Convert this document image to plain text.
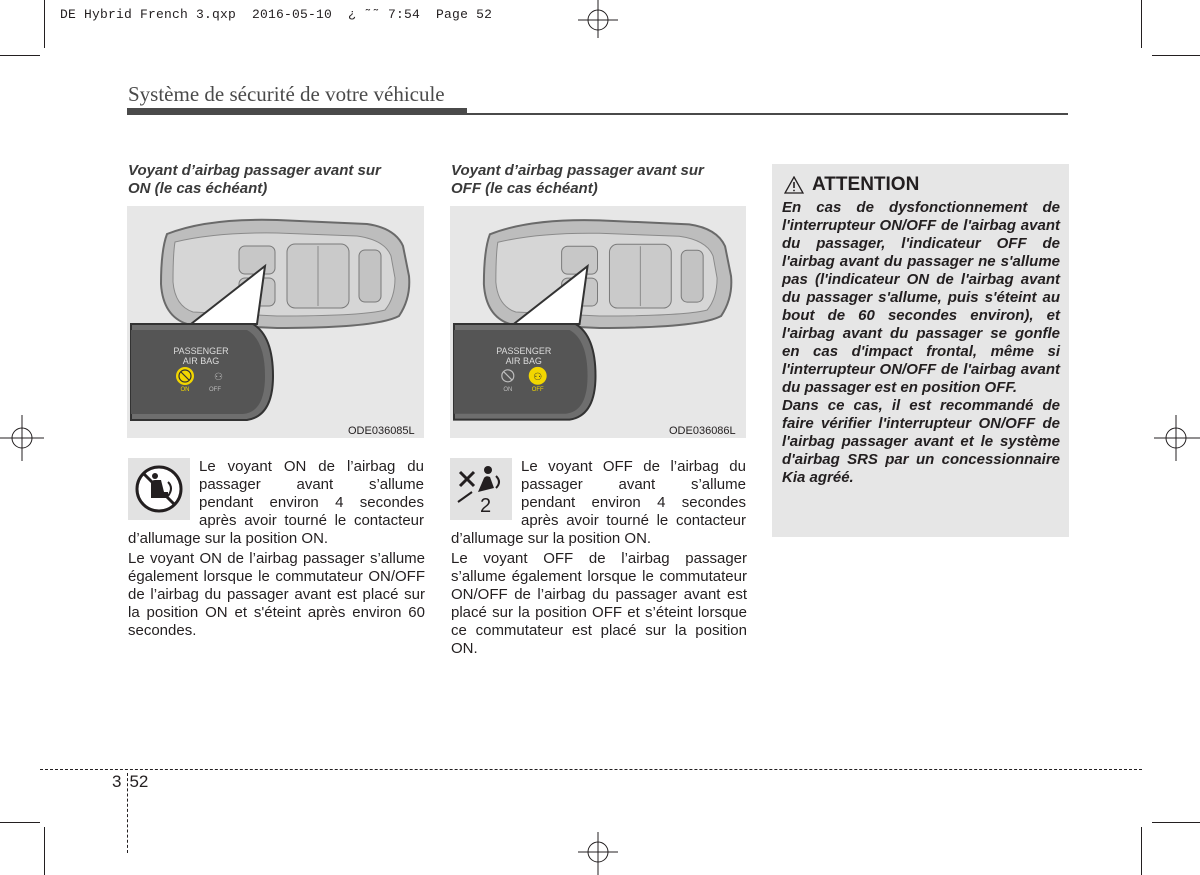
DE Hybrid French 3.qxp  2016-05-10  ¿ ˜˜ 7:54  Page 52
Système de sécurité de votre véhicule
Voyant d’airbag passager avant sur
ON (le cas échéant)
PASSENGER
AIR BAG
⚇
ON	OFF
ODE036085L
Le voyant ON de l’airbag du
passager avant s’allume
pendant environ 4 secondes
après avoir tourné le contacteur
d’allumage sur la position ON.
Le voyant ON de l’airbag passager s’allume également lorsque le commutateur ON/OFF de l’airbag du passager avant est placé sur la position ON et s'éteint après environ 60 secondes.
Voyant d’airbag passager avant sur
OFF (le cas échéant)
PASSENGER
AIR BAG
⚇
ON	OFF
ODE036086L
2
Le voyant OFF de l’airbag du
passager avant s’allume
pendant environ 4 secondes
après avoir tourné le contacteur
d’allumage sur la position ON.
Le voyant OFF de l’airbag passager s’allume également lorsque le commutateur ON/OFF de l’airbag du passager avant est placé sur la position OFF et s’éteint lorsque ce commutateur est placé sur la position ON.
ATTENTION

En cas de dysfonctionnement de l'interrupteur ON/OFF de l'airbag avant du passager, l'indicateur OFF de l'airbag avant du passager ne s'allume pas (l'indicateur ON de l'airbag avant du passager s'allume, puis s'éteint au bout de 60 secondes environ), et l'airbag avant du passager se gonfle en cas d'impact frontal, même si l'interrupteur ON/OFF de l'airbag avant du passager est en position OFF.

Dans ce cas, il est recommandé de faire vérifier l'interrupteur ON/OFF de l'airbag passager avant et le système d'airbag SRS par un concessionnaire Kia agréé.

3 52
